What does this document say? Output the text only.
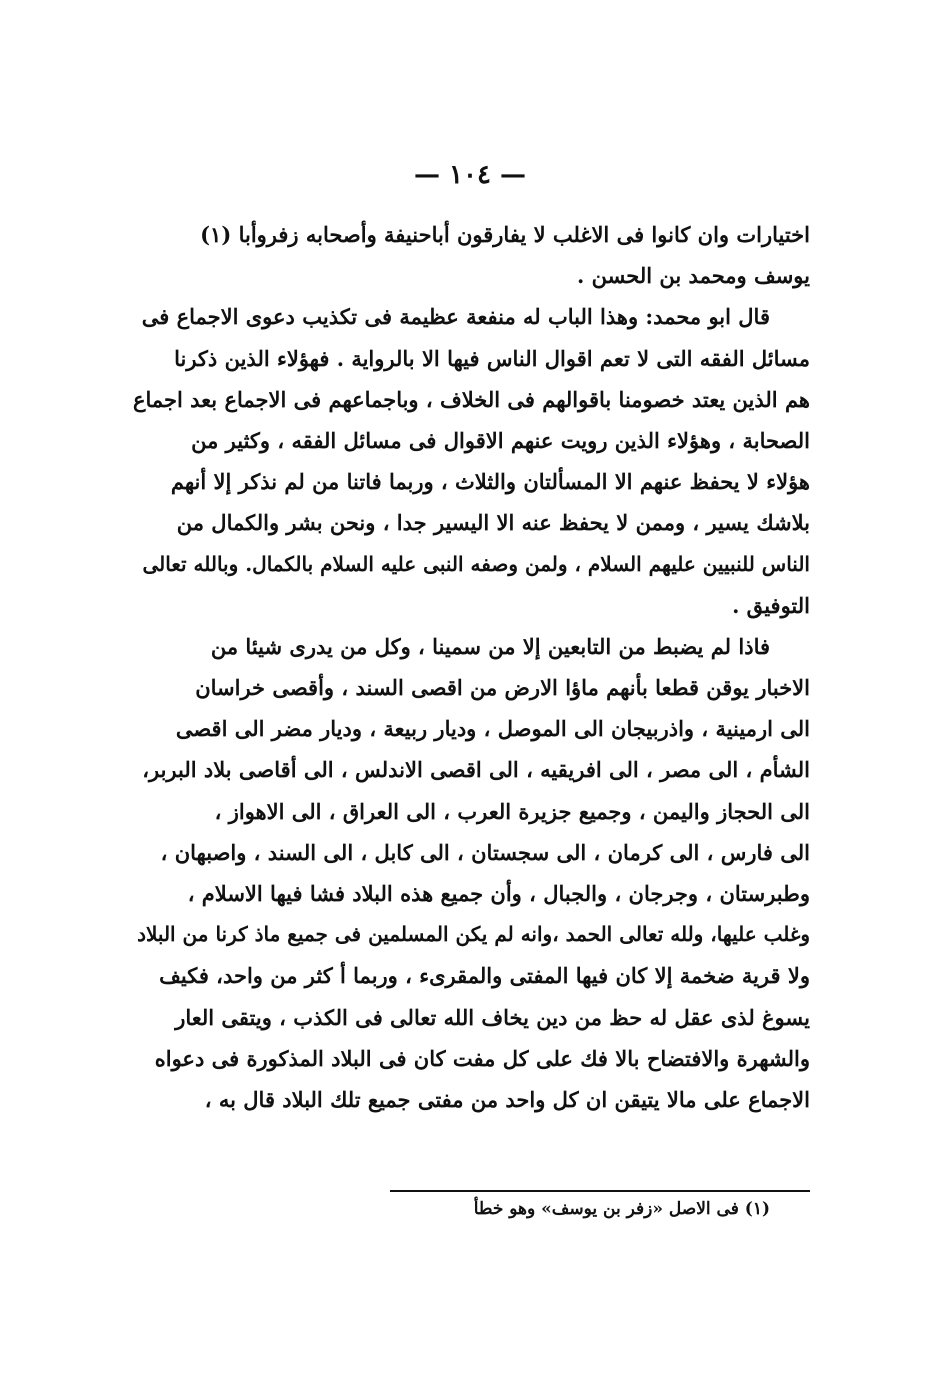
— ١٠٤ —
اختيارات وان كانوا فى الاغلب لا يفارقون أباحنيفة وأصحابه زفروأبا (١)
يوسف ومحمد بن الحسن .
قال ابو محمد: وهذا الباب له منفعة عظيمة فى تكذيب دعوى الاجماع فى
مسائل الفقه التى لا تعم اقوال الناس فيها الا بالرواية . فهؤلاء الذين ذكرنا
هم الذين يعتد خصومنا باقوالهم فى الخلاف ، وباجماعهم فى الاجماع بعد اجماع
الصحابة ، وهؤلاء الذين رويت عنهم الاقوال فى مسائل الفقه ، وكثير من
هؤلاء لا يحفظ عنهم الا المسألتان والثلاث ، وربما فاتنا من لم نذكر إلا أنهم
بلاشك يسير ، وممن لا يحفظ عنه الا اليسير جدا ، ونحن بشر والكمال من
الناس للنبيين عليهم السلام ، ولمن وصفه النبى عليه السلام بالكمال. وبالله تعالى
التوفيق .
فاذا لم يضبط من التابعين إلا من سمينا ، وكل من يدرى شيئا من
الاخبار يوقن قطعا بأنهم ماؤا الارض من اقصى السند ، وأقصى خراسان
الى ارمينية ، واذربيجان الى الموصل ، وديار ربيعة ، وديار مضر الى اقصى
الشأم ، الى مصر ، الى افريقيه ، الى اقصى الاندلس ، الى أقاصى بلاد البربر،
الى الحجاز واليمن ، وجميع جزيرة العرب ، الى العراق ، الى الاهواز ،
الى فارس ، الى كرمان ، الى سجستان ، الى كابل ، الى السند ، واصبهان ،
وطبرستان ، وجرجان ، والجبال ، وأن جميع هذه البلاد فشا فيها الاسلام ،
وغلب عليها، ولله تعالى الحمد ،وانه لم يكن المسلمين فى جميع ماذ كرنا من البلاد
ولا قرية ضخمة إلا كان فيها المفتى والمقرىء ، وربما أ كثر من واحد، فكيف
يسوغ لذى عقل له حظ من دين يخاف الله تعالى فى الكذب ، ويتقى العار
والشهرة والافتضاح بالا فك على كل مفت كان فى البلاد المذكورة فى دعواه
الاجماع على مالا يتيقن ان كل واحد من مفتى جميع تلك البلاد قال به ،
(١) فى الاصل «زفر بن يوسف» وهو خطأ
